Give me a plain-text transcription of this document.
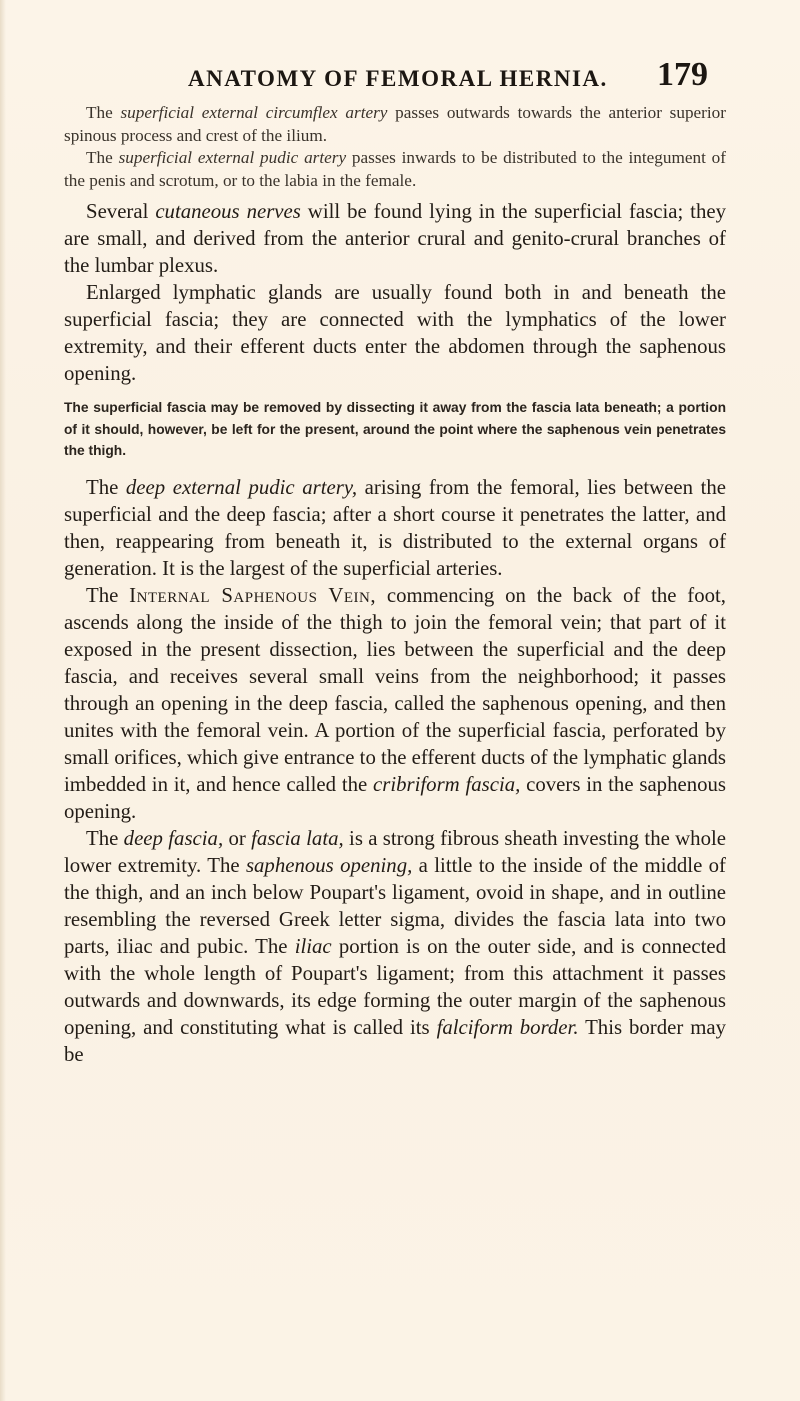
ANATOMY OF FEMORAL HERNIA. 179

The superficial external circumflex artery passes outwards towards the anterior superior spinous process and crest of the ilium.

The superficial external pudic artery passes inwards to be distributed to the integument of the penis and scrotum, or to the labia in the female.

Several cutaneous nerves will be found lying in the superficial fascia; they are small, and derived from the anterior crural and genito-crural branches of the lumbar plexus.

Enlarged lymphatic glands are usually found both in and beneath the superficial fascia; they are connected with the lymphatics of the lower extremity, and their efferent ducts enter the abdomen through the saphenous opening.

The superficial fascia may be removed by dissecting it away from the fascia lata beneath; a portion of it should, however, be left for the present, around the point where the saphenous vein penetrates the thigh.

The deep external pudic artery, arising from the femoral, lies between the superficial and the deep fascia; after a short course it penetrates the latter, and then, reappearing from beneath it, is distributed to the external organs of generation. It is the largest of the superficial arteries.

The Internal Saphenous Vein, commencing on the back of the foot, ascends along the inside of the thigh to join the femoral vein; that part of it exposed in the present dissection, lies between the superficial and the deep fascia, and receives several small veins from the neighborhood; it passes through an opening in the deep fascia, called the saphenous opening, and then unites with the femoral vein. A portion of the superficial fascia, perforated by small orifices, which give entrance to the efferent ducts of the lymphatic glands imbedded in it, and hence called the cribriform fascia, covers in the saphenous opening.

The deep fascia, or fascia lata, is a strong fibrous sheath investing the whole lower extremity. The saphenous opening, a little to the inside of the middle of the thigh, and an inch below Poupart's ligament, ovoid in shape, and in outline resembling the reversed Greek letter sigma, divides the fascia lata into two parts, iliac and pubic. The iliac portion is on the outer side, and is connected with the whole length of Poupart's ligament; from this attachment it passes outwards and downwards, its edge forming the outer margin of the saphenous opening, and constituting what is called its falciform border. This border may be
